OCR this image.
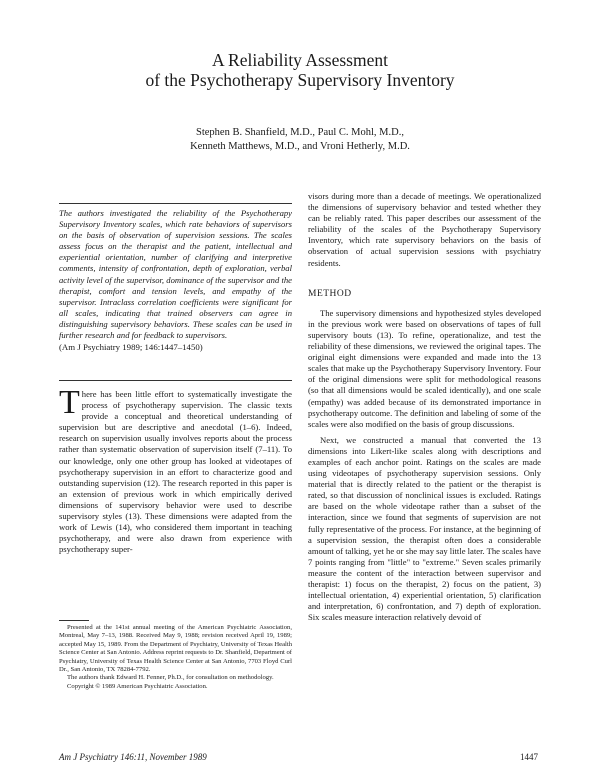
A Reliability Assessment
of the Psychotherapy Supervisory Inventory
Stephen B. Shanfield, M.D., Paul C. Mohl, M.D.,
Kenneth Matthews, M.D., and Vroni Hetherly, M.D.

The authors investigated the reliability of the Psychotherapy Supervisory Inventory scales, which rate behaviors of supervisors on the basis of observation of supervision sessions. The scales assess focus on the therapist and the patient, intellectual and experiential orientation, number of clarifying and interpretive comments, intensity of confrontation, depth of exploration, verbal activity level of the supervisor, dominance of the supervisor and the therapist, comfort and tension levels, and empathy of the supervisor. Intraclass correlation coefficients were significant for all scales, indicating that trained observers can agree in distinguishing supervisory behaviors. These scales can be used in further research and for feedback to supervisors.

(Am J Psychiatry 1989; 146:1447–1450)

There has been little effort to systematically investigate the process of psychotherapy supervision. The classic texts provide a conceptual and theoretical understanding of supervision but are descriptive and anecdotal (1–6). Indeed, research on supervision usually involves reports about the process rather than systematic observation of supervision itself (7–11). To our knowledge, only one other group has looked at videotapes of psychotherapy supervision in an effort to characterize good and outstanding supervision (12). The research reported in this paper is an extension of previous work in which empirically derived dimensions of supervisory behavior were used to describe supervisory styles (13). These dimensions were adapted from the work of Lewis (14), who considered them important in teaching psychotherapy, and were also drawn from experience with psychotherapy super-

Presented at the 141st annual meeting of the American Psychiatric Association, Montreal, May 7–13, 1988. Received May 9, 1988; revision received April 19, 1989; accepted May 15, 1989. From the Department of Psychiatry, University of Texas Health Science Center at San Antonio. Address reprint requests to Dr. Shanfield, Department of Psychiatry, University of Texas Health Science Center at San Antonio, 7703 Floyd Curl Dr., San Antonio, TX 78284-7792.

The authors thank Edward H. Fenner, Ph.D., for consultation on methodology.

Copyright © 1989 American Psychiatric Association.

visors during more than a decade of meetings. We operationalized the dimensions of supervisory behavior and tested whether they can be reliably rated. This paper describes our assessment of the reliability of the scales of the Psychotherapy Supervisory Inventory, which rate supervisory behaviors on the basis of observation of actual supervision sessions with psychiatry residents.

METHOD

The supervisory dimensions and hypothesized styles developed in the previous work were based on observations of tapes of full supervisory bouts (13). To refine, operationalize, and test the reliability of these dimensions, we reviewed the original tapes. The original eight dimensions were expanded and made into the 13 scales that make up the Psychotherapy Supervisory Inventory. Four of the original dimensions were split for methodological reasons (so that all dimensions would be scaled identically), and one scale (empathy) was added because of its demonstrated importance in psychotherapy outcome. The definition and labeling of some of the scales were also modified on the basis of group discussions.

Next, we constructed a manual that converted the 13 dimensions into Likert-like scales along with descriptions and examples of each anchor point. Ratings on the scales are made using videotapes of psychotherapy supervision sessions. Only material that is directly related to the patient or the therapist is rated, so that discussion of nonclinical issues is excluded. Ratings are based on the whole videotape rather than a subset of the interaction, since we found that segments of supervision are not fully representative of the process. For instance, at the beginning of a supervision session, the therapist often does a considerable amount of talking, yet he or she may say little later. The scales have 7 points ranging from "little" to "extreme." Seven scales primarily measure the content of the interaction between supervisor and therapist: 1) focus on the therapist, 2) focus on the patient, 3) intellectual orientation, 4) experiential orientation, 5) clarification and interpretation, 6) confrontation, and 7) depth of exploration. Six scales measure interaction relatively devoid of

Am J Psychiatry 146:11, November 1989	1447
